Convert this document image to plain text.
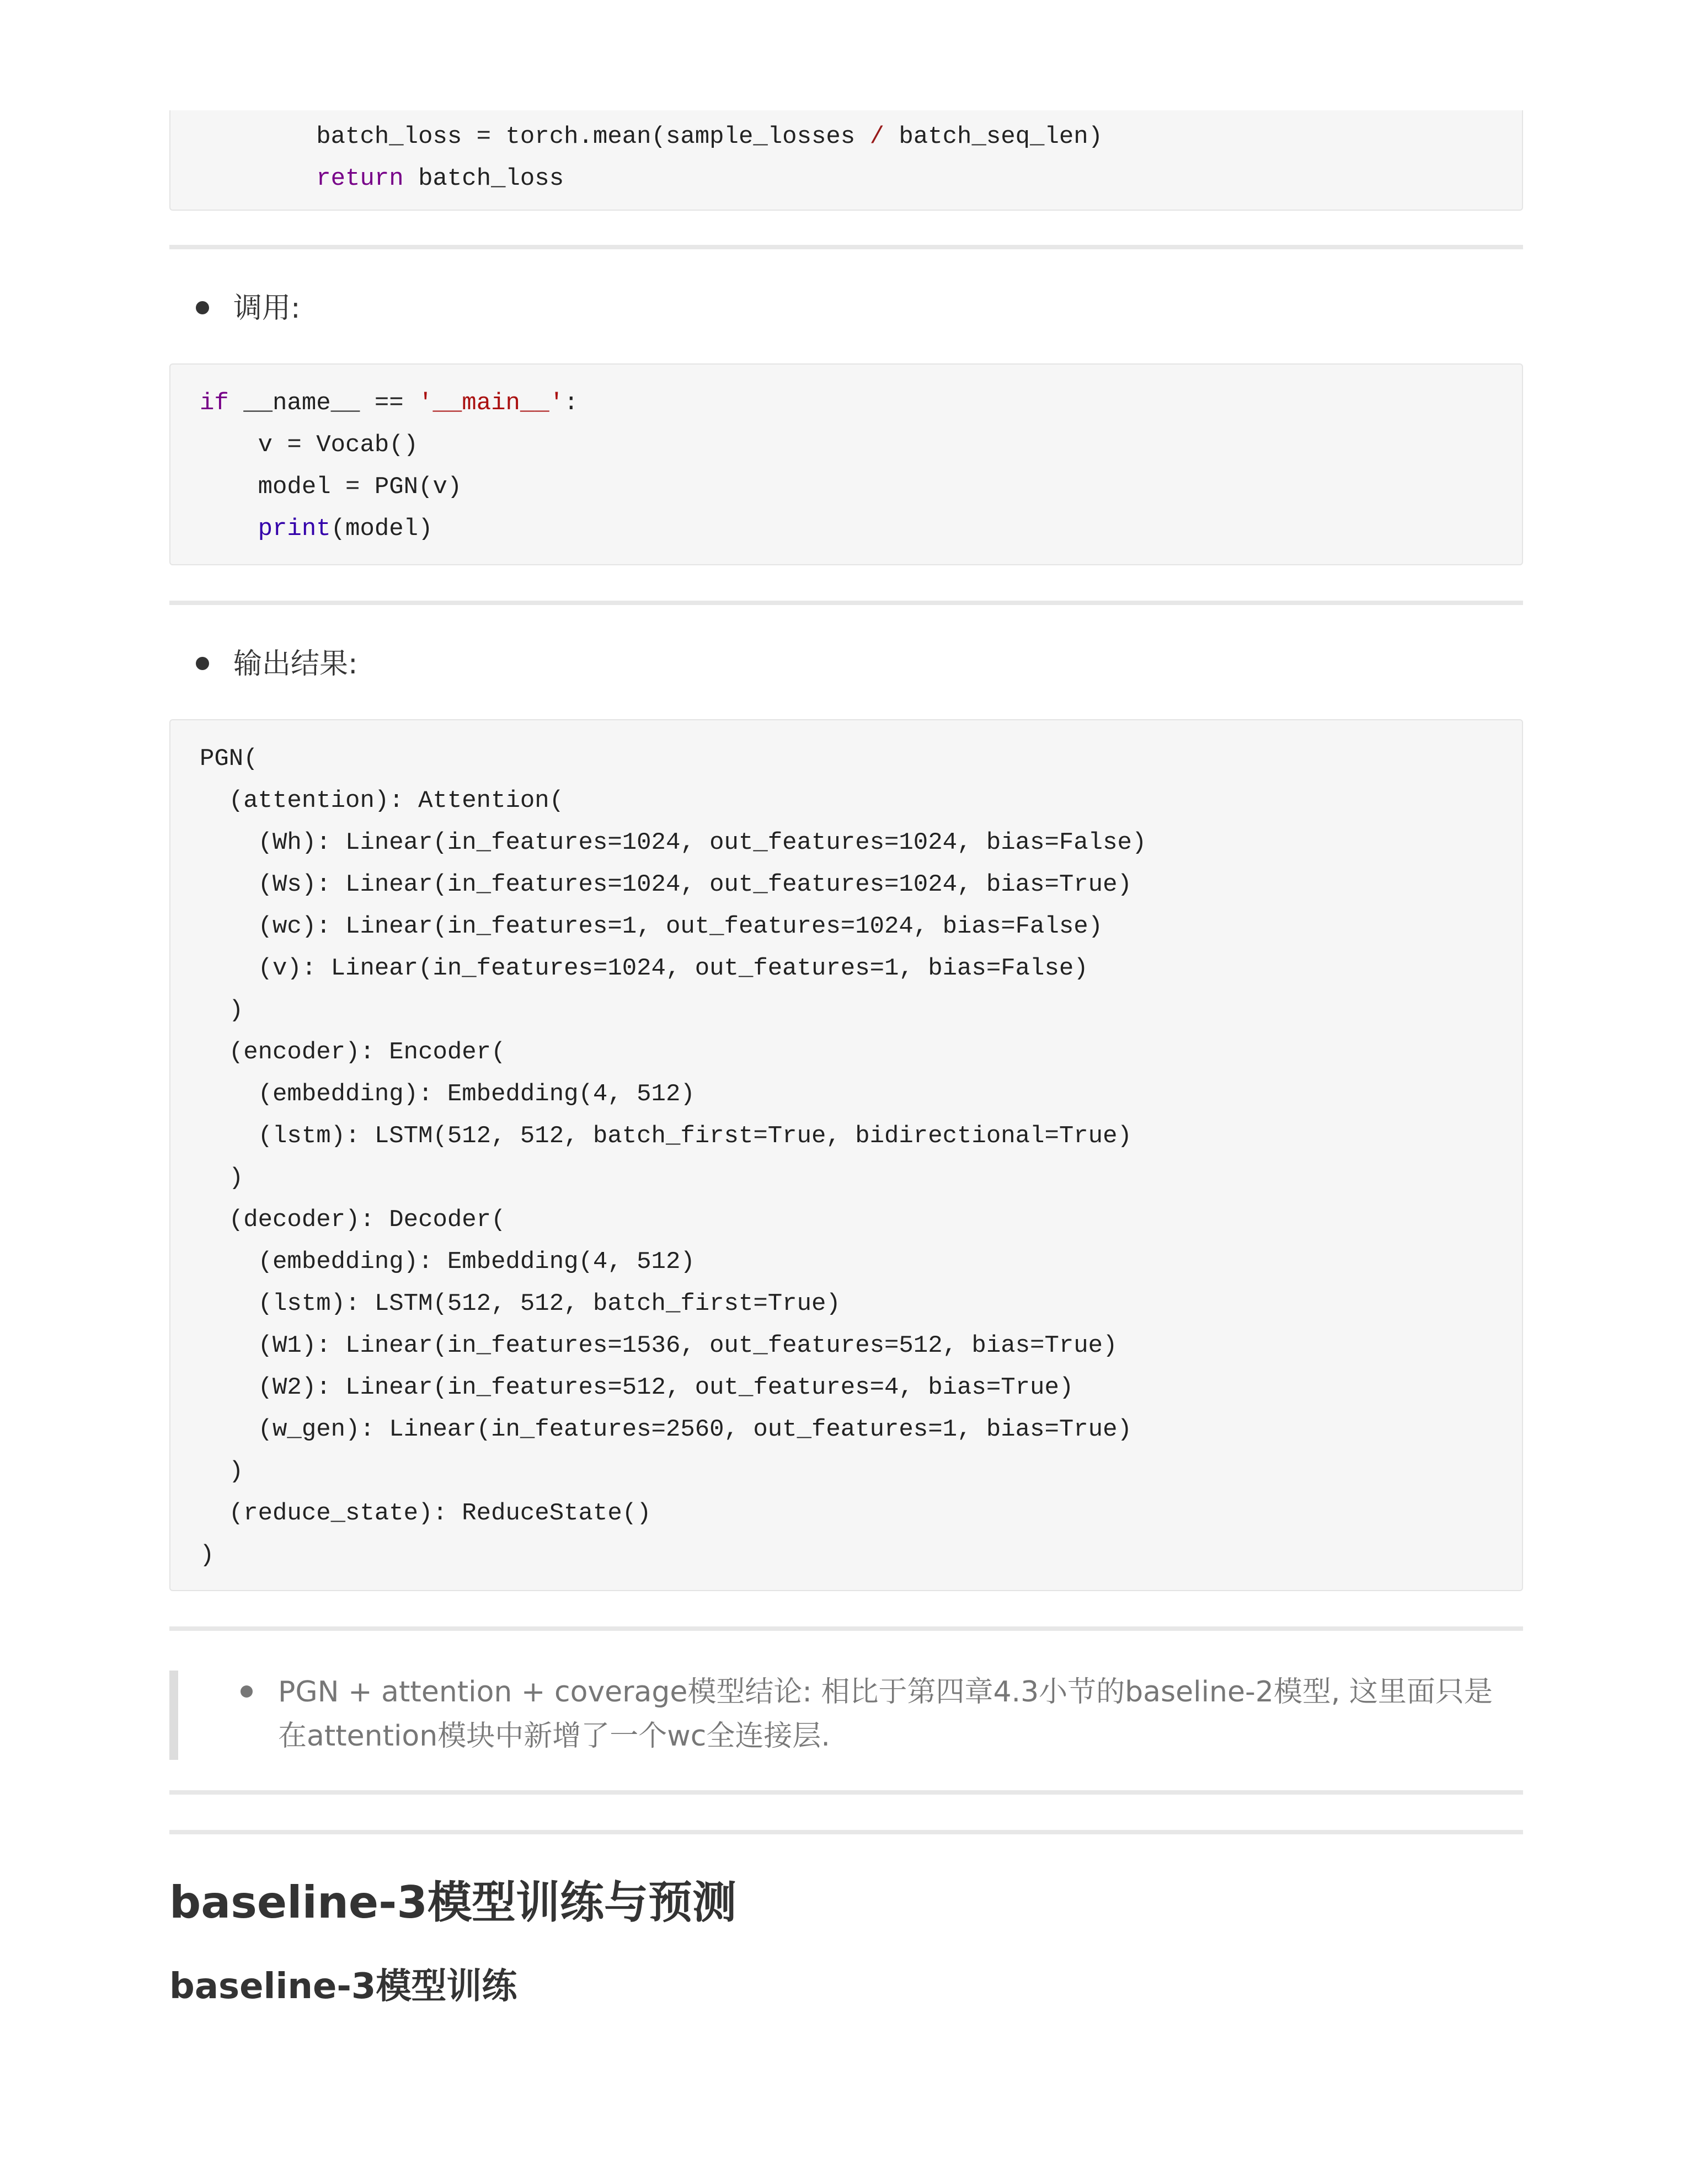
batch_loss = torch.mean(sample_losses / batch_seq_len)
return batch_loss
调用:
if __name__ == '__main__':
v = Vocab()
model = PGN(v)
print(model)
输出结果:
PGN(
(attention): Attention(
(Wh): Linear(in_features=1024, out_features=1024, bias=False)
(Ws): Linear(in_features=1024, out_features=1024, bias=True)
(wc): Linear(in_features=1, out_features=1024, bias=False)
(v): Linear(in_features=1024, out_features=1, bias=False)
)
(encoder): Encoder(
(embedding): Embedding(4, 512)
(lstm): LSTM(512, 512, batch_first=True, bidirectional=True)
)
(decoder): Decoder(
(embedding): Embedding(4, 512)
(lstm): LSTM(512, 512, batch_first=True)
(W1): Linear(in_features=1536, out_features=512, bias=True)
(W2): Linear(in_features=512, out_features=4, bias=True)
(w_gen): Linear(in_features=2560, out_features=1, bias=True)
)
(reduce_state): ReduceState()
)
PGN + attention + coverage模型结论: 相比于第四章4.3小节的baseline-2模型, 这里面只是在attention模块中新增了一个wc全连接层.
baseline-3模型训练与预测
baseline-3模型训练
